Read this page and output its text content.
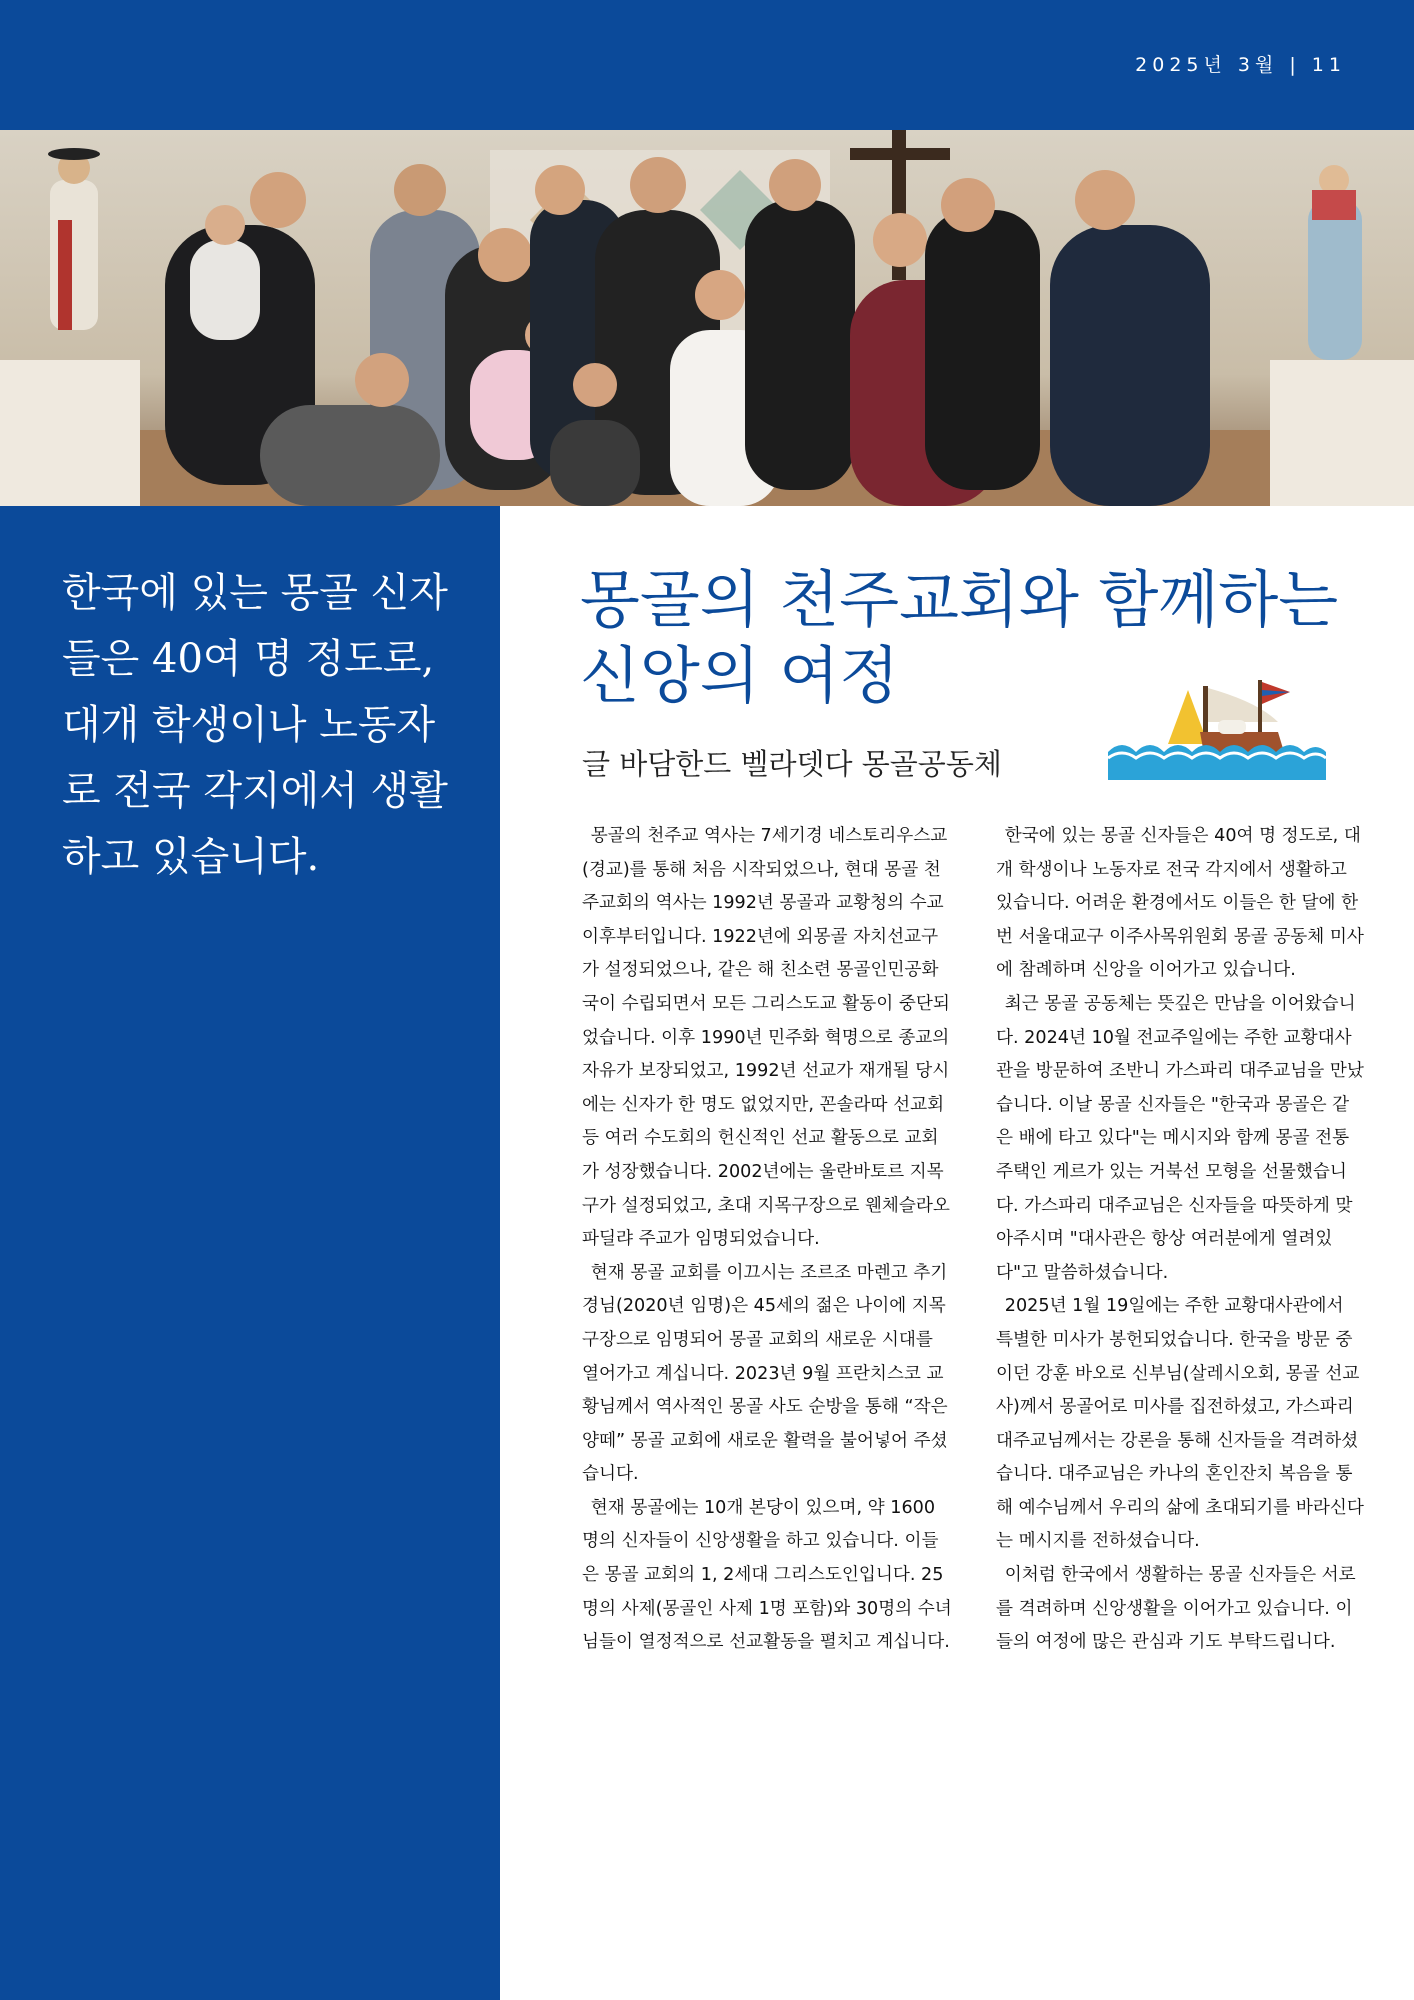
2025년 3월 | 11

한국에 있는 몽골 신자들은 40여 명 정도로, 대개 학생이나 노동자로 전국 각지에서 생활하고 있습니다.

몽골의 천주교회와 함께하는 신앙의 여정

글 바담한드 벨라뎃다 몽골공동체

몽골의 천주교 역사는 7세기경 네스토리우스교(경교)를 통해 처음 시작되었으나, 현대 몽골 천주교회의 역사는 1992년 몽골과 교황청의 수교 이후부터입니다. 1922년에 외몽골 자치선교구가 설정되었으나, 같은 해 친소련 몽골인민공화국이 수립되면서 모든 그리스도교 활동이 중단되었습니다. 이후 1990년 민주화 혁명으로 종교의 자유가 보장되었고, 1992년 선교가 재개될 당시에는 신자가 한 명도 없었지만, 꼰솔라따 선교회 등 여러 수도회의 헌신적인 선교 활동으로 교회가 성장했습니다. 2002년에는 울란바토르 지목구가 설정되었고, 초대 지목구장으로 웬체슬라오 파딜랴 주교가 임명되었습니다.

현재 몽골 교회를 이끄시는 조르조 마렌고 추기경님(2020년 임명)은 45세의 젊은 나이에 지목구장으로 임명되어 몽골 교회의 새로운 시대를 열어가고 계십니다. 2023년 9월 프란치스코 교황님께서 역사적인 몽골 사도 순방을 통해 “작은 양떼” 몽골 교회에 새로운 활력을 불어넣어 주셨습니다.

현재 몽골에는 10개 본당이 있으며, 약 1600명의 신자들이 신앙생활을 하고 있습니다. 이들은 몽골 교회의 1, 2세대 그리스도인입니다. 25명의 사제(몽골인 사제 1명 포함)와 30명의 수녀님들이 열정적으로 선교활동을 펼치고 계십니다.

한국에 있는 몽골 신자들은 40여 명 정도로, 대개 학생이나 노동자로 전국 각지에서 생활하고 있습니다. 어려운 환경에서도 이들은 한 달에 한 번 서울대교구 이주사목위원회 몽골 공동체 미사에 참례하며 신앙을 이어가고 있습니다.

최근 몽골 공동체는 뜻깊은 만남을 이어왔습니다. 2024년 10월 전교주일에는 주한 교황대사관을 방문하여 조반니 가스파리 대주교님을 만났습니다. 이날 몽골 신자들은 "한국과 몽골은 같은 배에 타고 있다"는 메시지와 함께 몽골 전통 주택인 게르가 있는 거북선 모형을 선물했습니다. 가스파리 대주교님은 신자들을 따뜻하게 맞아주시며 "대사관은 항상 여러분에게 열려있다"고 말씀하셨습니다.

2025년 1월 19일에는 주한 교황대사관에서 특별한 미사가 봉헌되었습니다. 한국을 방문 중이던 강훈 바오로 신부님(살레시오회, 몽골 선교사)께서 몽골어로 미사를 집전하셨고, 가스파리 대주교님께서는 강론을 통해 신자들을 격려하셨습니다. 대주교님은 카나의 혼인잔치 복음을 통해 예수님께서 우리의 삶에 초대되기를 바라신다는 메시지를 전하셨습니다.

이처럼 한국에서 생활하는 몽골 신자들은 서로를 격려하며 신앙생활을 이어가고 있습니다. 이들의 여정에 많은 관심과 기도 부탁드립니다.
